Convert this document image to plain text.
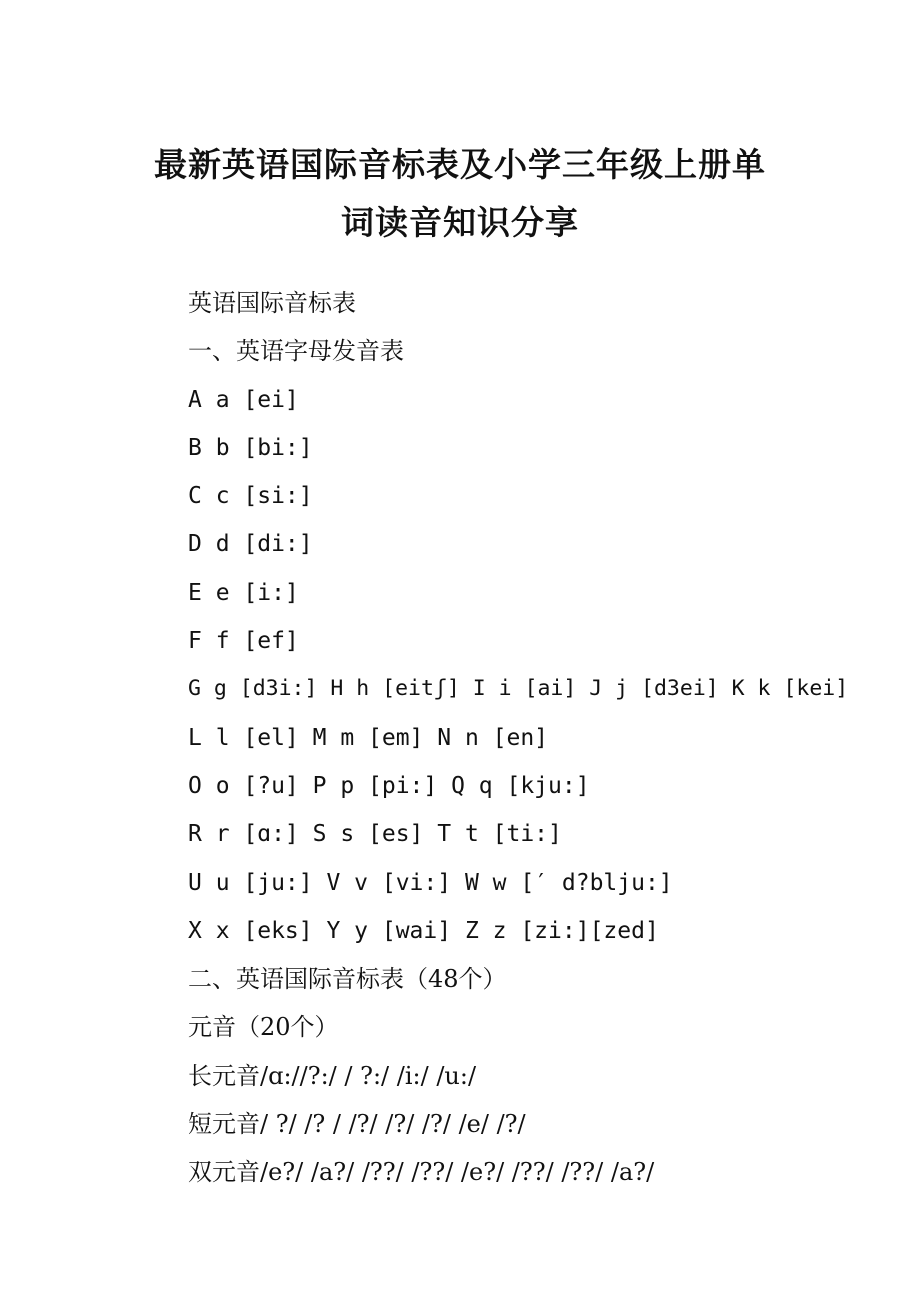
最新英语国际音标表及小学三年级上册单
词读音知识分享
英语国际音标表
一、英语字母发音表
A a [ei]
B b [bi:]
C c [si:]
D d [di:]
E e [i:]
F f [ef]
G g [d3i:] H h [eitʃ] I i [ai] J j [d3ei] K k [kei]
L l [el] M m [em] N n [en]
O o [?u] P p [pi:] Q q [kju:]
R r [ɑ:] S s [es] T t [ti:]
U u [ju:] V v [vi:] W w [′ d?blju:]
X x [eks] Y y [wai] Z z [zi:][zed]
二、英语国际音标表（48个）
元音（20个）
长元音/ɑ://?:/ / ?:/ /i:/ /u:/
短元音/ ?/ /? / /?/ /?/ /?/ /e/ /?/
双元音/e?/ /a?/ /??/ /??/ /e?/ /??/ /??/ /a?/
